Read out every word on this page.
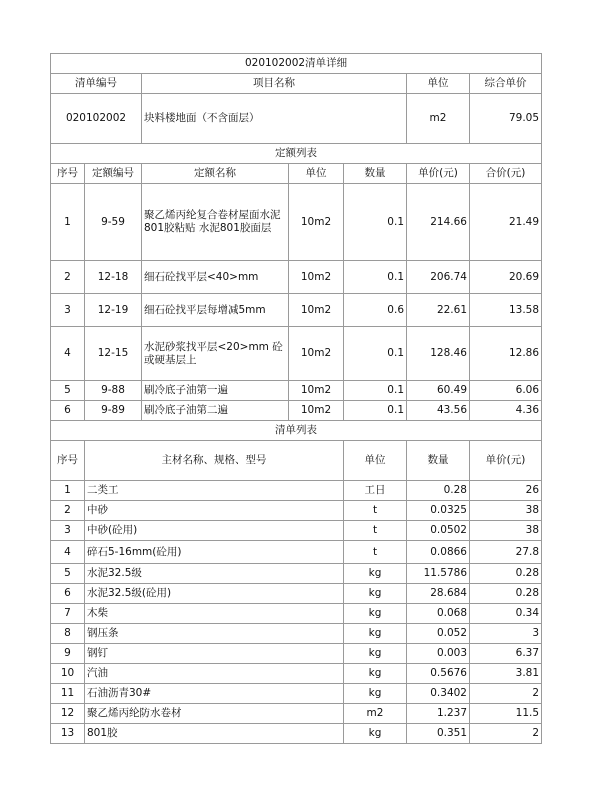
020102002清单详细							
清单编号		项目名称			单位	综合单价	
020102002		块料楼地面（不含面层）			m2	79.05	
定额列表							
序号	定额编号	定额名称	单位	数量	单价(元)	合价(元)	
1	9-59	聚乙烯丙纶复合卷材屋面水泥801胶粘贴 水泥801胶面层	10m2	0.1	214.66	21.49	
2	12-18	细石砼找平层<40>mm	10m2	0.1	206.74	20.69	
3	12-19	细石砼找平层每增减5mm	10m2	0.6	22.61	13.58	
4	12-15	水泥砂浆找平层<20>mm 砼或硬基层上	10m2	0.1	128.46	12.86	
5	9-88	刷冷底子油第一遍	10m2	0.1	60.49	6.06	
6	9-89	刷冷底子油第二遍	10m2	0.1	43.56	4.36	
清单列表							
序号	主材名称、规格、型号			单位	数量	单价(元)	
1	二类工			工日	0.28	26	
2	中砂			t	0.0325	38	
3	中砂(砼用)			t	0.0502	38	
4	碎石5-16mm(砼用)			t	0.0866	27.8	
5	水泥32.5级			kg	11.5786	0.28	
6	水泥32.5级(砼用)			kg	28.684	0.28	
7	木柴			kg	0.068	0.34	
8	钢压条			kg	0.052	3	
9	钢钉			kg	0.003	6.37	
10	汽油			kg	0.5676	3.81	
11	石油沥青30#			kg	0.3402	2	
12	聚乙烯丙纶防水卷材			m2	1.237	11.5	
13	801胶			kg	0.351	2	
